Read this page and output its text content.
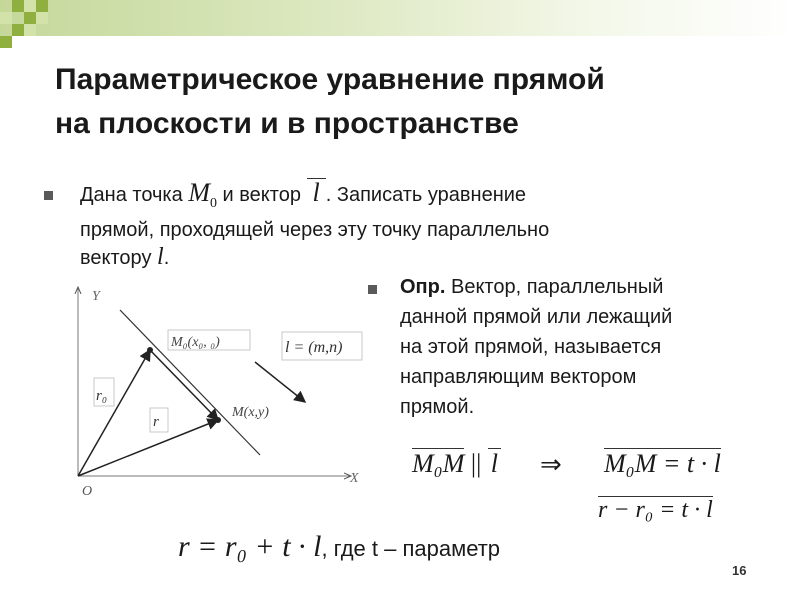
Параметрическое уравнение прямой
на плоскости и в пространстве
Дана точка $M_0$ и вектор l . Записать уравнение
прямой, проходящей через эту точку параллельно
вектору l.
Y
X
O
M₀(x₀, ₀)
M(x,y)
r₀
r
l = (m,n)
Опр. Вектор, параллельный
данной прямой или лежащий
на этой прямой, называется
направляющим вектором
прямой.
M₀M || l ⇒ M₀M = t · l
r − r₀ = t · l
r = r₀ + t · l, где t – параметр
16
